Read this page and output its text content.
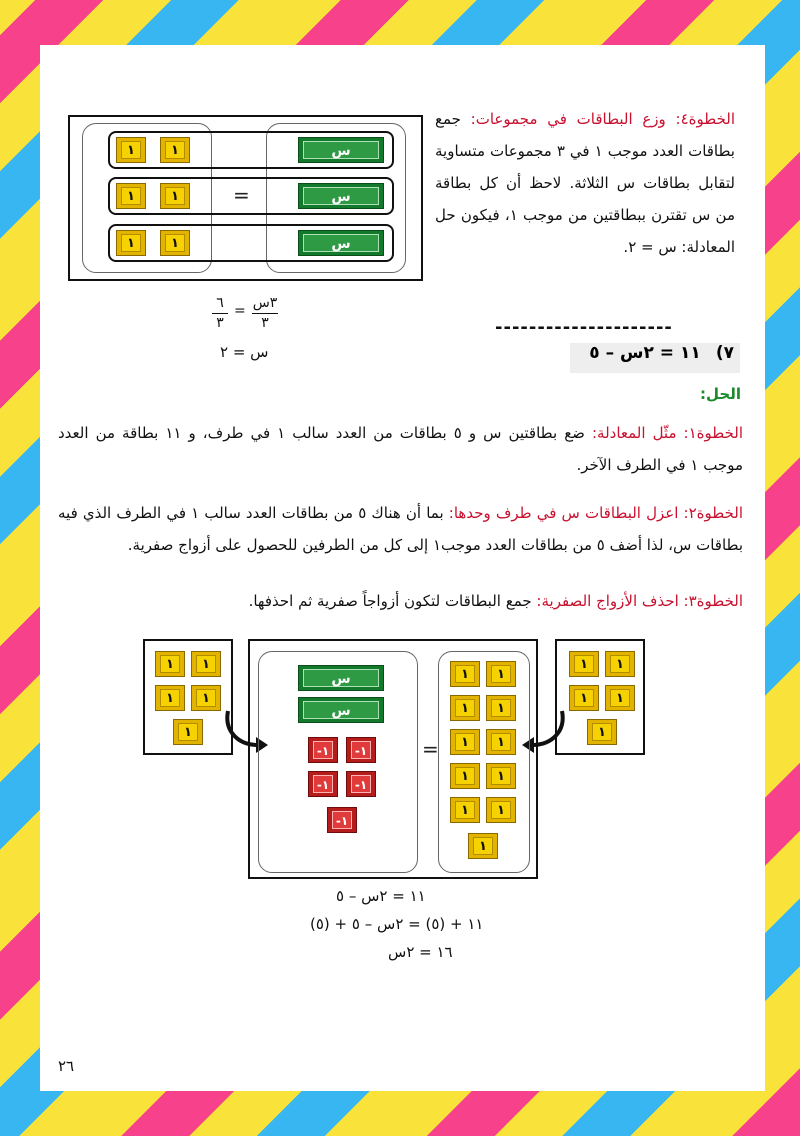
الخطوة٤: وزع البطاقات في مجموعات: جمع بطاقات العدد موجب ١ في ٣ مجموعات متساوية لتقابل بطاقات س الثلاثة. لاحظ أن كل بطاقة من س تقترن ببطاقتين من موجب ١، فيكون حل المعادلة: س = ٢.
١	١
١	١
١	١
=
س
س
س
٦
٣
= ٣س
٣
س = ٢
---------------------
٧) ١١ = ٢س – ٥
الحل:
الخطوة١: مثّل المعادلة: ضع بطاقتين س و ٥ بطاقات من العدد سالب ١ في طرف، و ١١ بطاقة من العدد موجب ١ في الطرف الآخر.
الخطوة٢: اعزل البطاقات س في طرف وحدها: بما أن هناك ٥ من بطاقات العدد سالب ١ في الطرف الذي فيه بطاقات س، لذا أضف ٥ من بطاقات العدد موجب١ إلى كل من الطرفين للحصول على أزواج صفرية.
الخطوة٣: احذف الأزواج الصفرية: جمع البطاقات لتكون أزواجاً صفرية ثم احذفها.
١	١
١	١
١
١	١
١	١
١
س
س
-١	-١
-١	-١
-١
=
١	١
١	١
١	١
١	١
١	١
١
١١ = ٢س – ٥
١١ + (٥) = ٢س – ٥ + (٥)
١٦ = ٢س
٢٦
